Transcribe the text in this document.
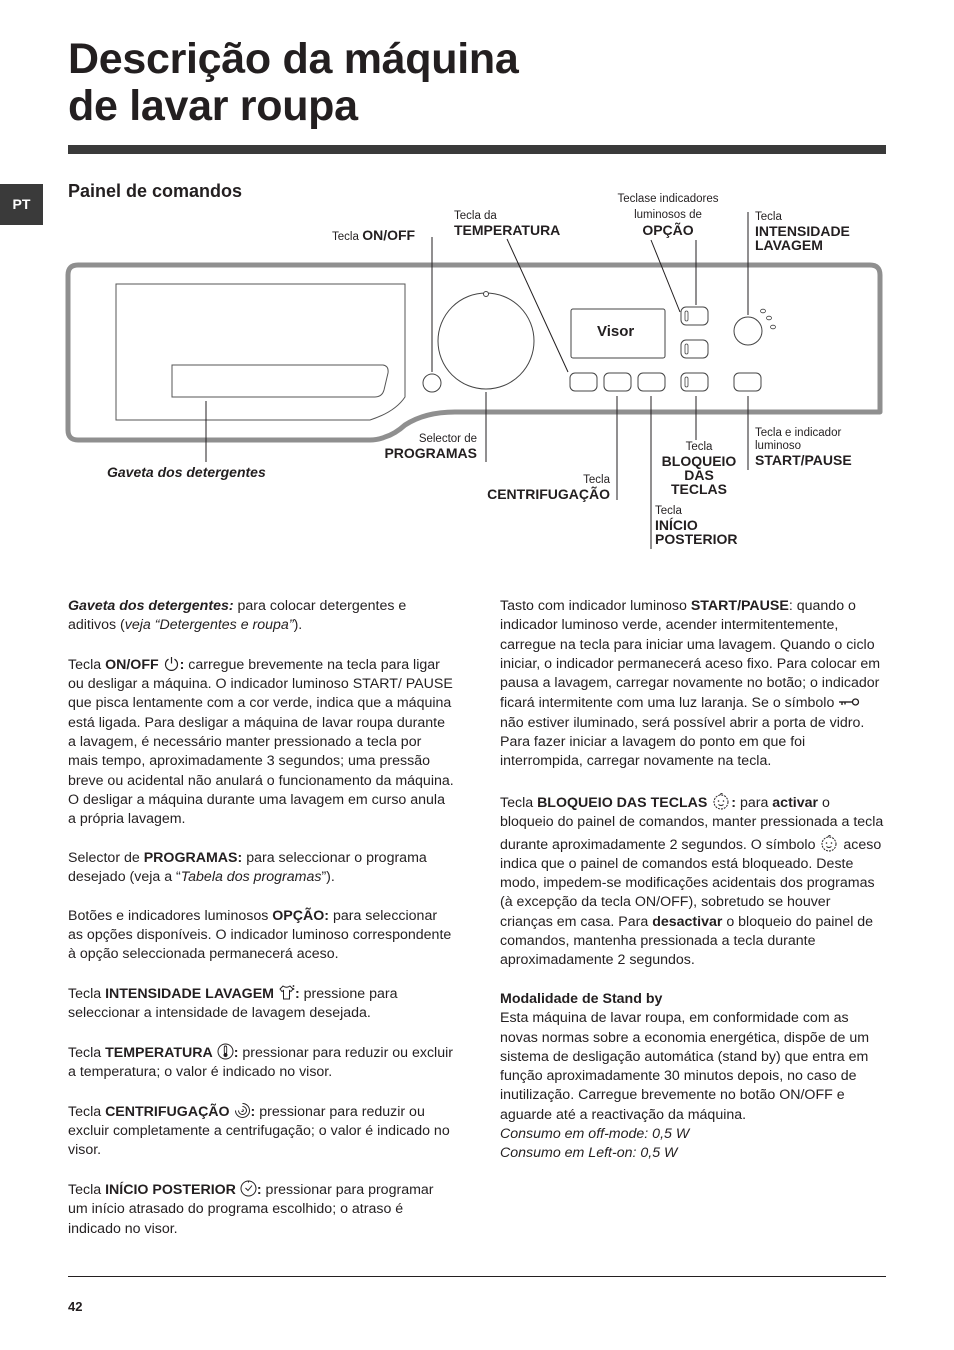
Descrição da máquina
de lavar roupa
PT
Painel de comandos
Visor
Tecla ON/OFF
Tecla da
TEMPERATURA
Teclase indicadores
luminosos de
OPÇÃO
Tecla
INTENSIDADE
LAVAGEM
Selector de
PROGRAMAS
Gaveta dos detergentes	Tecla
CENTRIFUGAÇÃO
Tecla
BLOQUEIO
DAS
TECLAS
Tecla e indicador
luminoso
START/PAUSE
Tecla
INÍCIO
POSTERIOR

Gaveta dos detergentes: para colocar detergentes e aditivos (veja “Detergentes e roupa”).

Tecla ON/OFF : carregue brevemente na tecla para ligar ou desligar a máquina. O indicador luminoso START/ PAUSE que pisca lentamente com a cor verde, indica que a máquina está ligada. Para desligar a máquina de lavar roupa durante a lavagem, é necessário manter pressionado a tecla por mais tempo, aproximadamente 3 segundos; uma pressão breve ou acidental não anulará o funcionamento da máquina. O desligar a máquina durante uma lavagem em curso anula a própria lavagem.

Selector de PROGRAMAS: para seleccionar o programa desejado (veja a “Tabela dos programas”).

Botões e indicadores luminosos OPÇÃO: para seleccionar as opções disponíveis. O indicador luminoso correspondente à opção seleccionada permanecerá aceso.

Tecla INTENSIDADE LAVAGEM : pressione para seleccionar a intensidade de lavagem desejada.

Tecla TEMPERATURA : pressionar para reduzir ou excluir a temperatura; o valor é indicado no visor.

Tecla CENTRIFUGAÇÃO : pressionar para reduzir ou excluir completamente a centrifugação; o valor é indicado no visor.

Tecla INÍCIO POSTERIOR : pressionar para programar um início atrasado do programa escolhido; o atraso é indicado no visor.

Tasto com indicador luminoso START/PAUSE: quando o indicador luminoso verde, acender intermitentemente, carregue na tecla para iniciar uma lavagem. Quando o ciclo iniciar, o indicador permanecerá aceso fixo. Para colocar em pausa a lavagem, carregar novamente no botão; o indicador ficará intermitente com uma luz laranja. Se o símbolo  não estiver iluminado, será possível abrir a porta de vidro. Para fazer iniciar a lavagem do ponto em que foi interrompida, carregar novamente na tecla.

Tecla BLOQUEIO DAS TECLAS : para activar o bloqueio do painel de comandos, manter pressionada a tecla durante aproximadamente 2 segundos. O símbolo  aceso indica que o painel de comandos está bloqueado. Deste modo, impedem-se modificações acidentais dos programas (à excepção da tecla ON/OFF), sobretudo se houver crianças em casa. Para desactivar o bloqueio do painel de comandos, mantenha pressionada a tecla durante aproximadamente 2 segundos.

Modalidade de Stand by

Esta máquina de lavar roupa, em conformidade com as novas normas sobre a economia energética, dispõe de um sistema de desligação automática (stand by) que entra em função aproximadamente 30 minutos depois, no caso de inutilização. Carregue brevemente no botão ON/OFF e aguarde até a reactivação da máquina.

Consumo em off-mode: 0,5 W

Consumo em Left-on: 0,5 W

42
